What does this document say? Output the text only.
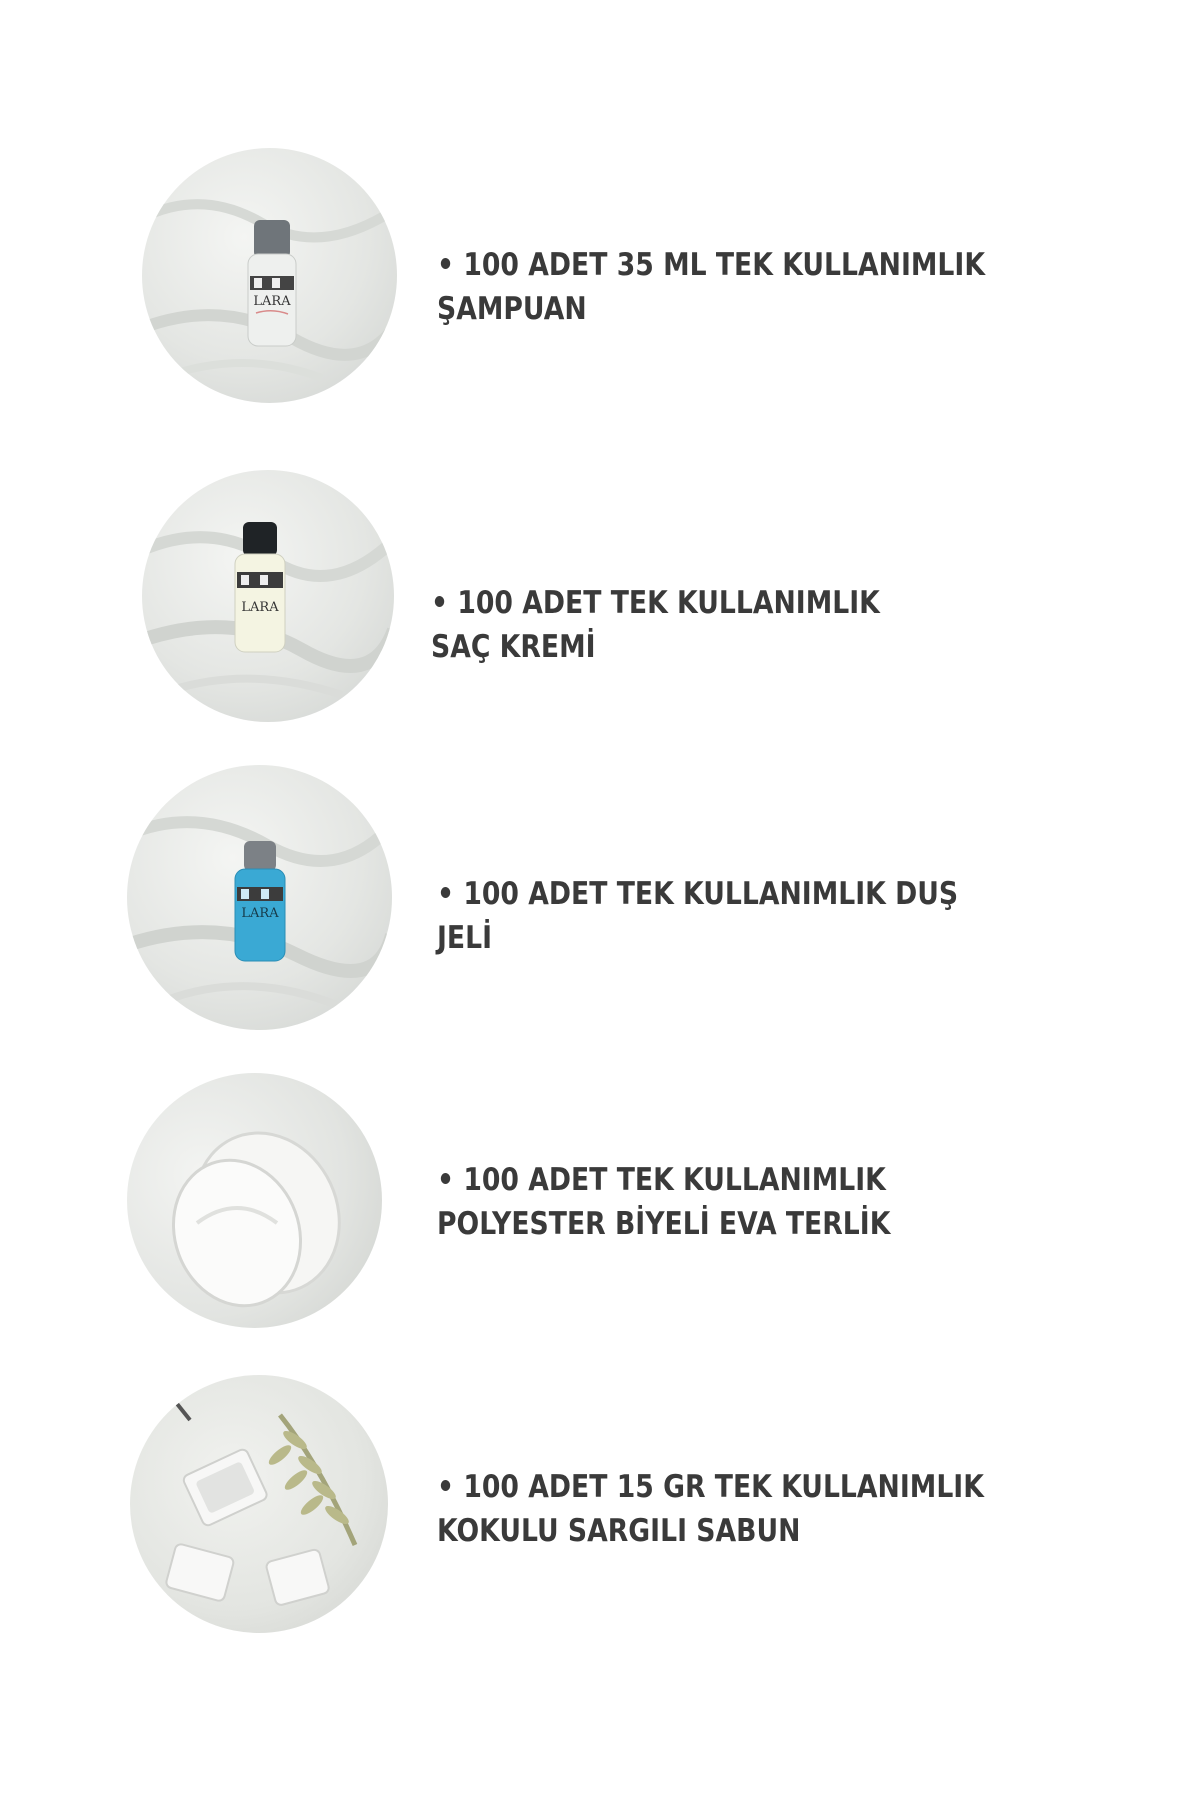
LARA

• 100 ADET 35 ML TEK KULLANIMLIK
ŞAMPUAN

LARA	• 100 ADET TEK KULLANIMLIK
SAÇ KREMİ

LARA

• 100 ADET TEK KULLANIMLIK DUŞ
JELİ

• 100 ADET TEK KULLANIMLIK
POLYESTER BİYELİ EVA TERLİK

• 100 ADET 15 GR TEK KULLANIMLIK
KOKULU SARGILI SABUN
